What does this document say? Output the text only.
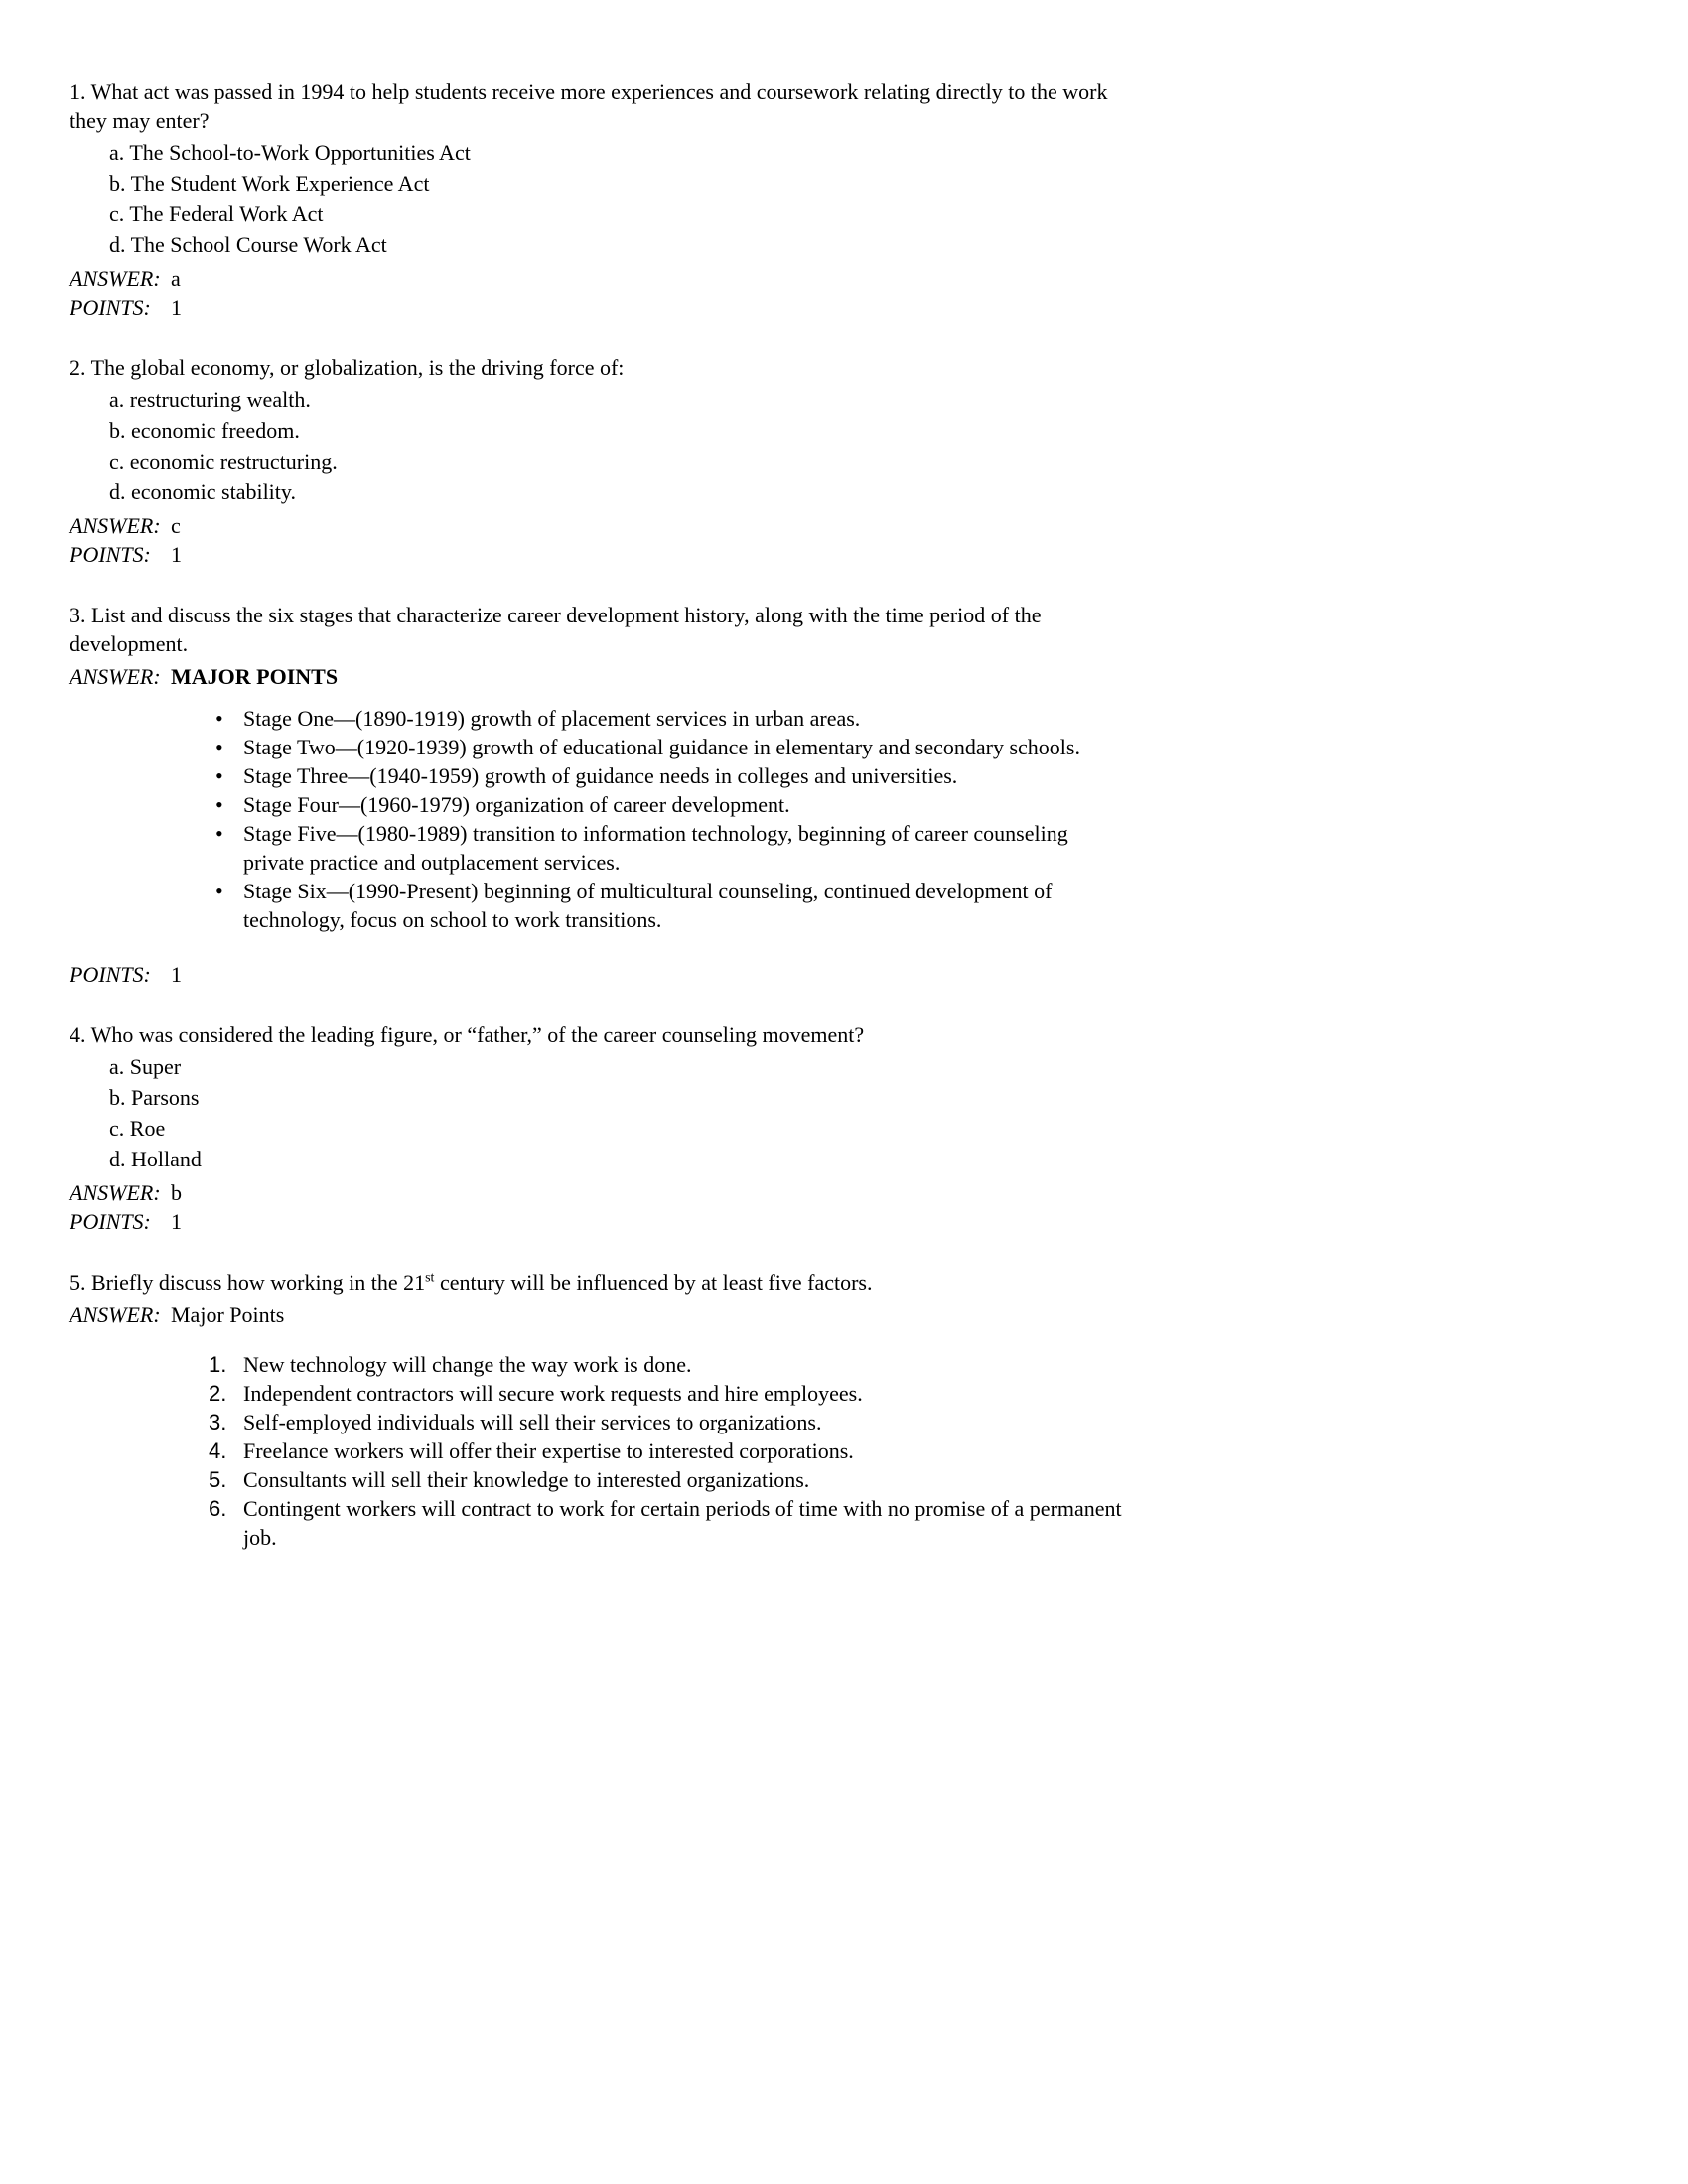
1. What act was passed in 1994 to help students receive more experiences and coursework relating directly to the work they may enter?

a. The School-to-Work Opportunities Act

b. The Student Work Experience Act

c. The Federal Work Act

d. The School Course Work Act

ANSWER: a

POINTS: 1

2. The global economy, or globalization, is the driving force of:

a. restructuring wealth.

b. economic freedom.

c. economic restructuring.

d. economic stability.

ANSWER: c

POINTS: 1

3. List and discuss the six stages that characterize career development history, along with the time period of the development.

ANSWER: MAJOR POINTS

• Stage One—(1890-1919) growth of placement services in urban areas.
• Stage Two—(1920-1939) growth of educational guidance in elementary and secondary schools.
• Stage Three—(1940-1959) growth of guidance needs in colleges and universities.
• Stage Four—(1960-1979) organization of career development.
• Stage Five—(1980-1989) transition to information technology, beginning of career counseling private practice and outplacement services.
• Stage Six—(1990-Present) beginning of multicultural counseling, continued development of technology, focus on school to work transitions.

POINTS: 1

4. Who was considered the leading figure, or “father,” of the career counseling movement?

a. Super

b. Parsons

c. Roe

d. Holland

ANSWER: b

POINTS: 1

5. Briefly discuss how working in the 21st century will be influenced by at least five factors.

ANSWER: Major Points

1. New technology will change the way work is done.
2. Independent contractors will secure work requests and hire employees.
3. Self-employed individuals will sell their services to organizations.
4. Freelance workers will offer their expertise to interested corporations.
5. Consultants will sell their knowledge to interested organizations.
6. Contingent workers will contract to work for certain periods of time with no promise of a permanent job.
